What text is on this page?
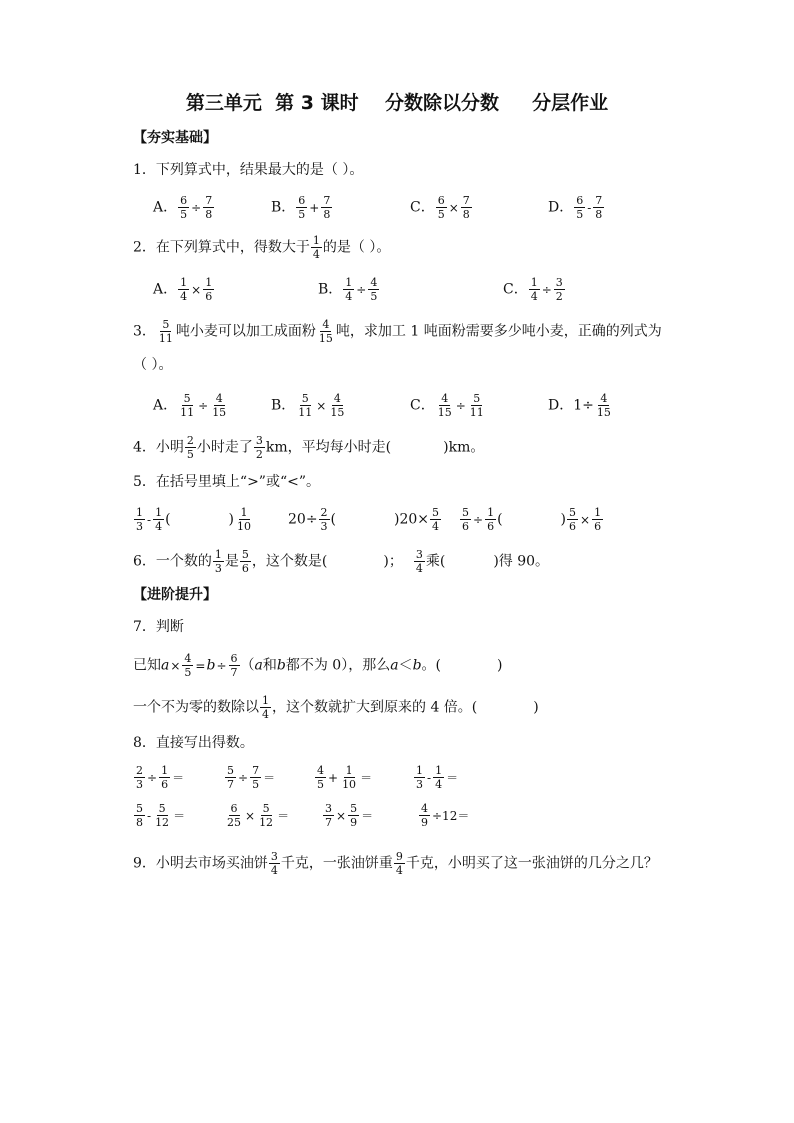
第三单元  第 3 课时    分数除以分数     分层作业
【夯实基础】
1．下列算式中，结果最大的是（ ）。
A． $\frac{6}{5} \div \frac{7}{8}$	B． $\frac{6}{5} + \frac{7}{8}$	C． $\frac{6}{5} \times \frac{7}{8}$	D． $\frac{6}{5} - \frac{7}{8}$
2．在下列算式中，得数大于 $\frac{1}{4}$ 的是（ ）。
A． $\frac{1}{4} \times \frac{1}{6}$	B． $\frac{1}{4} \div \frac{4}{5}$	C． $\frac{1}{4} \div \frac{3}{2}$
3． $\frac{5}{11}$ 吨小麦可以加工成面粉 $\frac{4}{15}$ 吨，求加工 1 吨面粉需要多少吨小麦，正确的列式为
（ ）。
A． $\frac{5}{11} \div \frac{4}{15}$	B． $\frac{5}{11} \times \frac{4}{15}$	C． $\frac{4}{15} \div \frac{5}{11}$	D．$1\div \frac{4}{15}$
4．小明 $\frac{2}{5}$ 小时走了 $\frac{3}{2}$ km，平均每小时走(	)km。
5．在括号里填上“>”或“<”。
$\frac{1}{3} - \frac{1}{4}$ (	) $\frac{1}{10}$	$20\div \frac{2}{3}$ (	)$20\times \frac{5}{4} \frac{5}{6} \div \frac{1}{6}$ (	) $\frac{5}{6} \times \frac{1}{6}$
6．一个数的 $\frac{1}{3}$ 是 $\frac{5}{6}$ ，这个数是(	)； $\frac{3}{4}$ 乘(	)得 90。
【进阶提升】
7．判断
已知$a\times \frac{4}{5} =b\div \frac{6}{7} (a$和b都不为 0），那么a＜b。(	)
一个不为零的数除以 $\frac{1}{4}$ ，这个数就扩大到原来的 4 倍。(	)
8．直接写出得数。
$\frac{2}{3} \div \frac{1}{6}$ ＝	$\frac{5}{7} \div \frac{7}{5}$ ＝	$\frac{4}{5} + \frac{1}{10}$ ＝	$\frac{1}{3} - \frac{1}{4}$ ＝
$\frac{5}{8} - \frac{5}{12}$ ＝	$\frac{6}{25} \times \frac{5}{12}$ ＝	$\frac{3}{7} \times \frac{5}{9}$ ＝	$\frac{4}{9} \div 12=$
9．小明去市场买油饼 $\frac{3}{4}$ 千克，一张油饼重 $\frac{9}{4}$ 千克，小明买了这一张油饼的几分之几？
